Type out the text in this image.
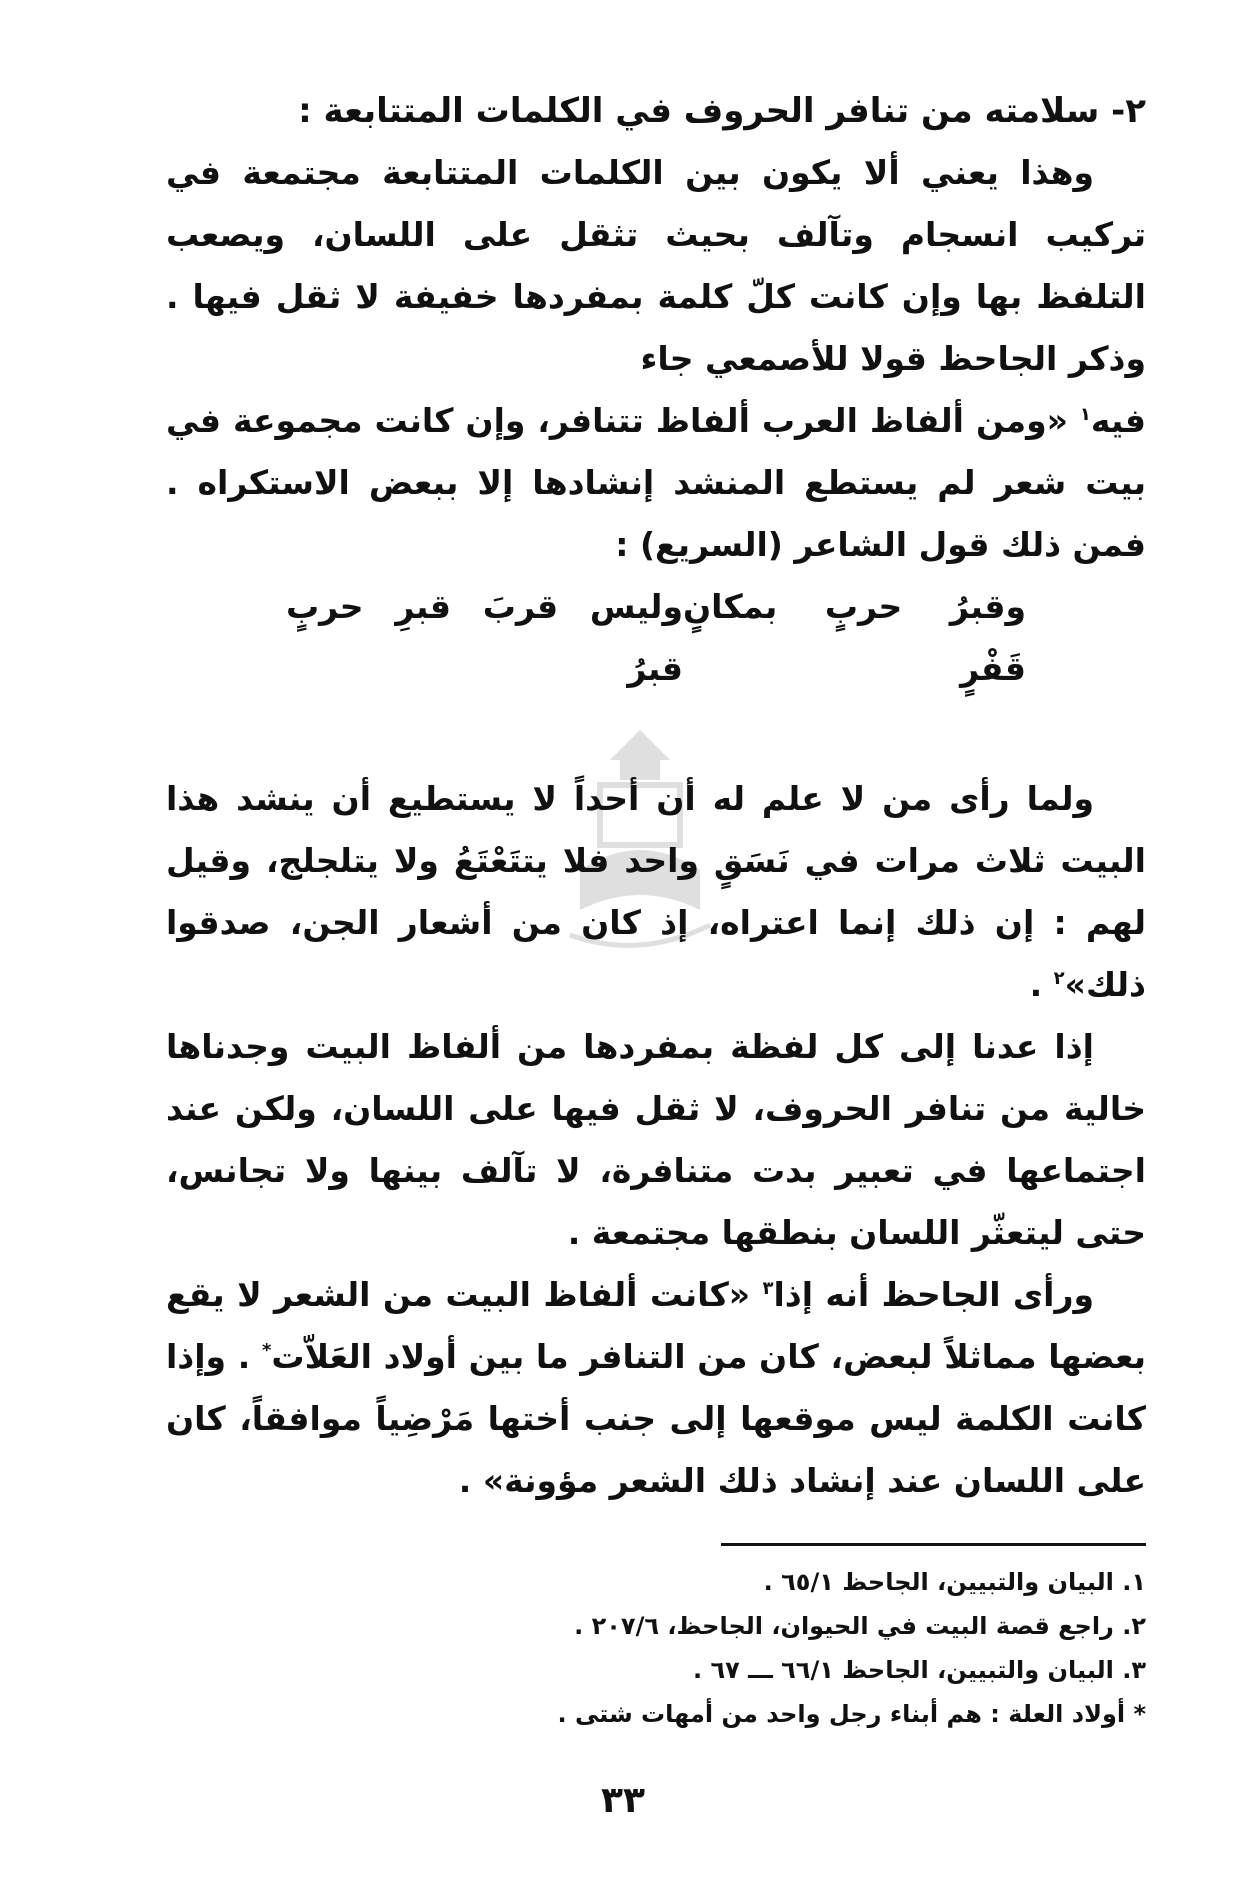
٢- سلامته من تنافر الحروف في الكلمات المتتابعة :

وهذا يعني ألا يكون بين الكلمات المتتابعة مجتمعة في تركيب انسجام وتآلف بحيث تثقل على اللسان، ويصعب التلفظ بها وإن كانت كلّ كلمة بمفردها خفيفة لا ثقل فيها . وذكر الجاحظ قولا للأصمعي جاء

فيه$^١$ «ومن ألفاظ العرب ألفاظ تتنافر، وإن كانت مجموعة في بيت شعر لم يستطع المنشد إنشادها إلا ببعض الاستكراه . فمن ذلك قول الشاعر (السريع) :

وقبرُ حربٍ بمكانٍ قَفْرٍ
وليس قربَ قبرِ حربٍ قبرُ

ولما رأى من لا علم له أن أحداً لا يستطيع أن ينشد هذا البيت ثلاث مرات في نَسَقٍ واحد فلا يتتَعْتَعُ ولا يتلجلج، وقيل لهم : إن ذلك إنما اعتراه، إذ كان من أشعار الجن، صدقوا ذلك»$^٢$ .

إذا عدنا إلى كل لفظة بمفردها من ألفاظ البيت وجدناها خالية من تنافر الحروف، لا ثقل فيها على اللسان، ولكن عند اجتماعها في تعبير بدت متنافرة، لا تآلف بينها ولا تجانس، حتى ليتعثّر اللسان بنطقها مجتمعة .

ورأى الجاحظ أنه إذا$^٣$ «كانت ألفاظ البيت من الشعر لا يقع بعضها مماثلاً لبعض، كان من التنافر ما بين أولاد العَلاّت* . وإذا كانت الكلمة ليس موقعها إلى جنب أختها مَرْضِياً موافقاً، كان على اللسان عند إنشاد ذلك الشعر مؤونة» .

١. البيان والتبيين، الجاحظ ٦٥/١ .
٢. راجع قصة البيت في الحيوان، الجاحظ، ٢٠٧/٦ .
٣. البيان والتبيين، الجاحظ ٦٦/١ ـــ ٦٧ .
* أولاد العلة : هم أبناء رجل واحد من أمهات شتى .
٣٣
